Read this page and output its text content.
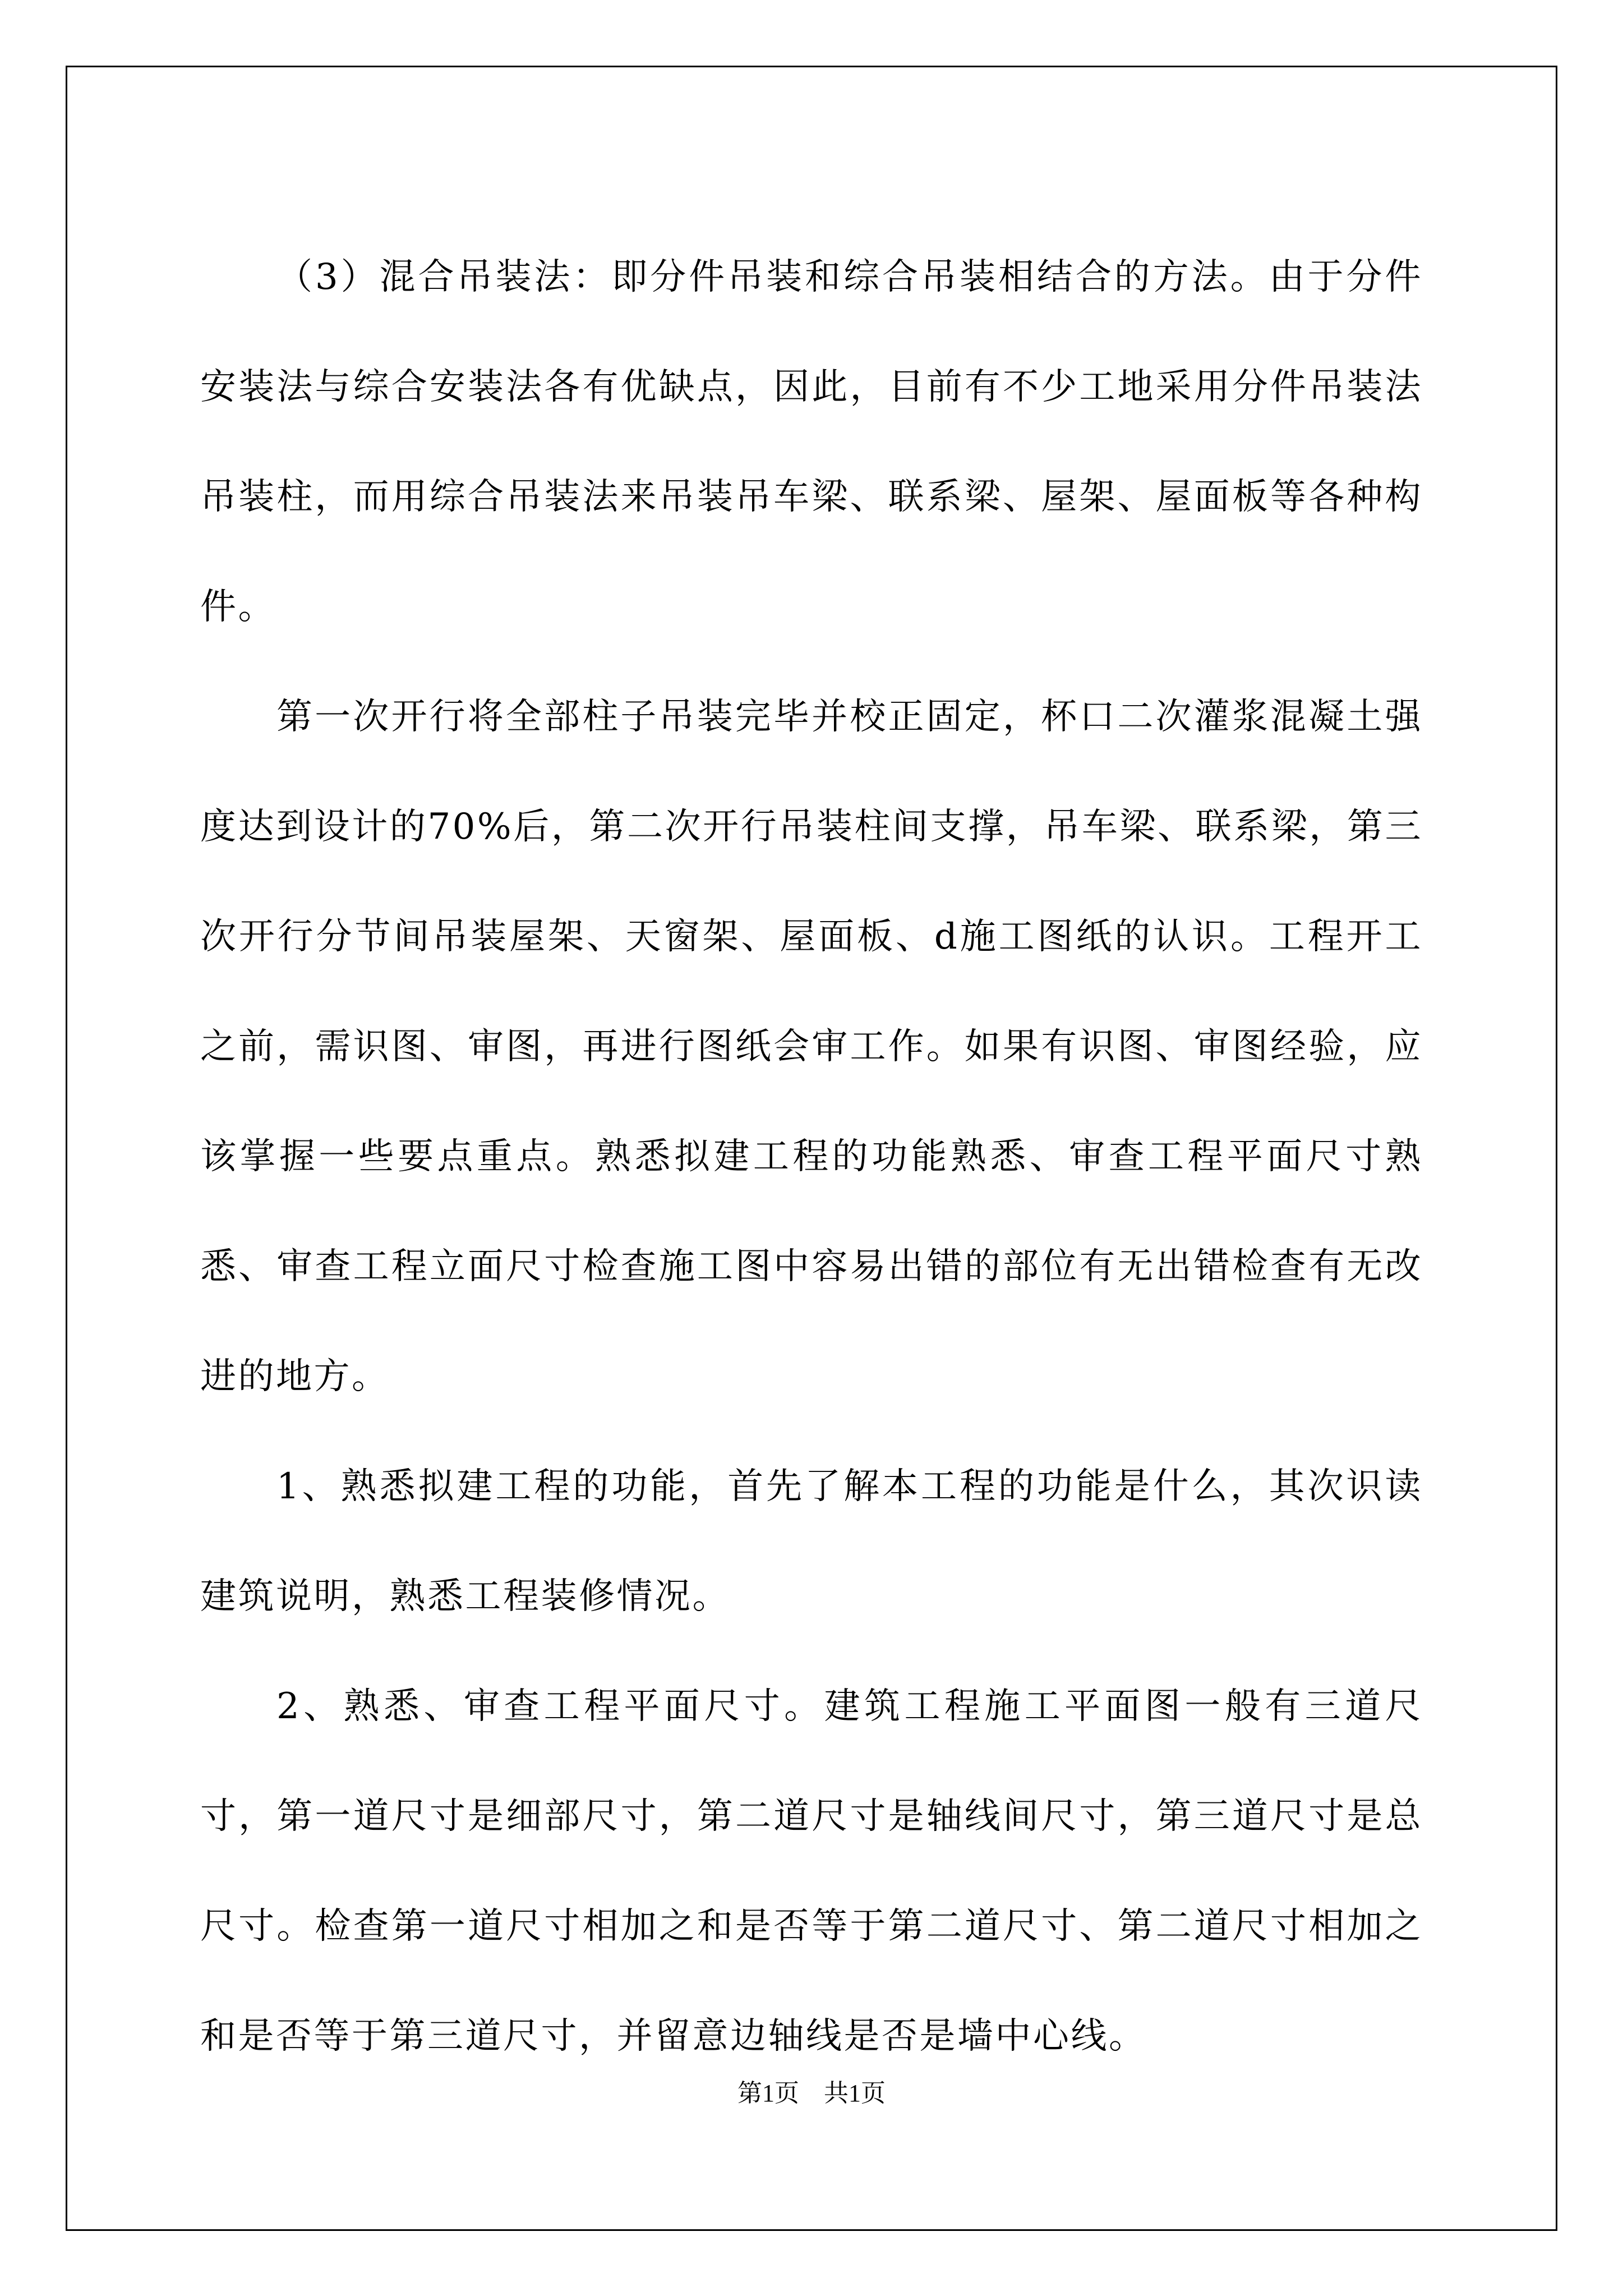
（3）混合吊装法：即分件吊装和综合吊装相结合的方法。由于分件安装法与综合安装法各有优缺点，因此，目前有不少工地采用分件吊装法吊装柱，而用综合吊装法来吊装吊车梁、联系梁、屋架、屋面板等各种构件。

第一次开行将全部柱子吊装完毕并校正固定，杯口二次灌浆混凝土强度达到设计的70%后，第二次开行吊装柱间支撑，吊车梁、联系梁，第三次开行分节间吊装屋架、天窗架、屋面板、d施工图纸的认识。工程开工之前，需识图、审图，再进行图纸会审工作。如果有识图、审图经验，应该掌握一些要点重点。熟悉拟建工程的功能熟悉、审查工程平面尺寸熟悉、审查工程立面尺寸检查施工图中容易出错的部位有无出错检查有无改进的地方。

1、熟悉拟建工程的功能，首先了解本工程的功能是什么，其次识读建筑说明，熟悉工程装修情况。

2、熟悉、审查工程平面尺寸。建筑工程施工平面图一般有三道尺寸，第一道尺寸是细部尺寸，第二道尺寸是轴线间尺寸，第三道尺寸是总尺寸。检查第一道尺寸相加之和是否等于第二道尺寸、第二道尺寸相加之和是否等于第三道尺寸，并留意边轴线是否是墙中心线。

第1页　共1页
